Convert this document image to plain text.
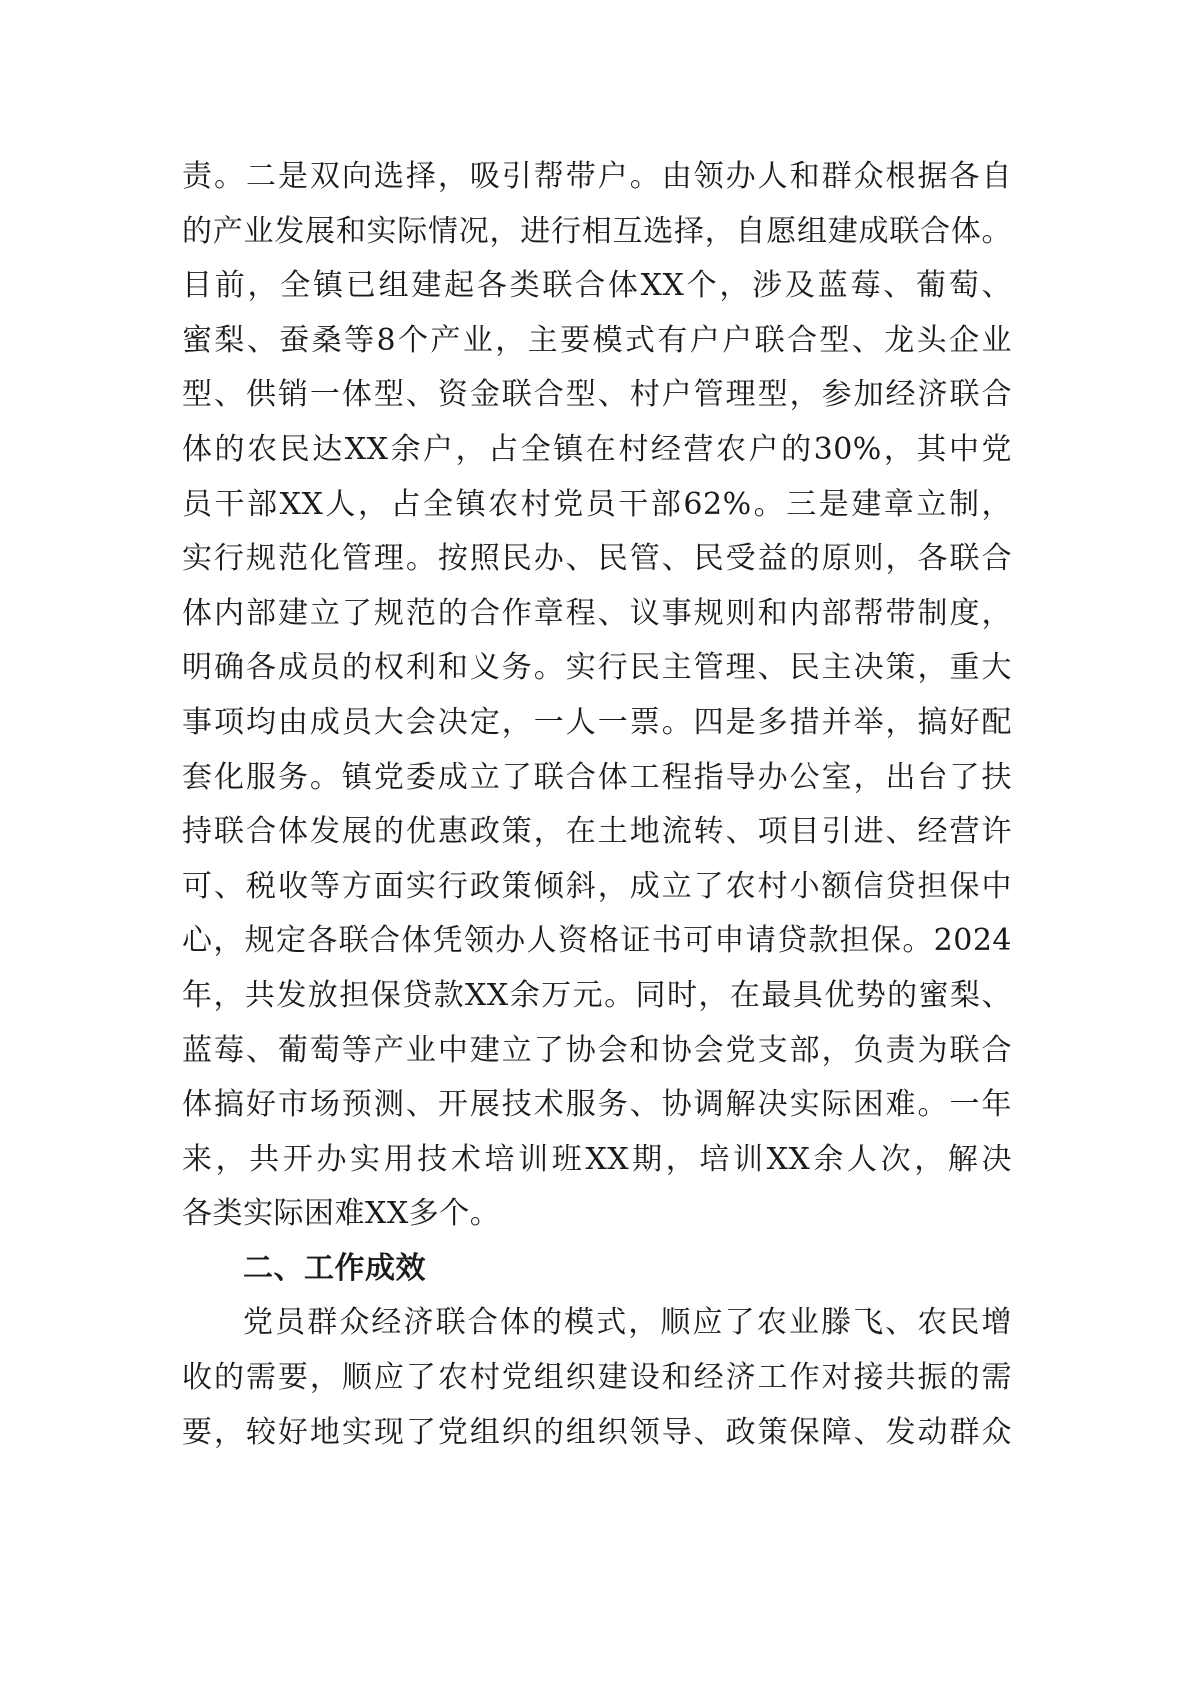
责。二是双向选择，吸引帮带户。由领办人和群众根据各自
的产业发展和实际情况，进行相互选择，自愿组建成联合体。
目前，全镇已组建起各类联合体XX个，涉及蓝莓、葡萄、
蜜梨、蚕桑等8个产业，主要模式有户户联合型、龙头企业
型、供销一体型、资金联合型、村户管理型，参加经济联合
体的农民达XX余户，占全镇在村经营农户的30%，其中党
员干部XX人，占全镇农村党员干部62%。三是建章立制，
实行规范化管理。按照民办、民管、民受益的原则，各联合
体内部建立了规范的合作章程、议事规则和内部帮带制度，
明确各成员的权利和义务。实行民主管理、民主决策，重大
事项均由成员大会决定，一人一票。四是多措并举，搞好配
套化服务。镇党委成立了联合体工程指导办公室，出台了扶
持联合体发展的优惠政策，在土地流转、项目引进、经营许
可、税收等方面实行政策倾斜，成立了农村小额信贷担保中
心，规定各联合体凭领办人资格证书可申请贷款担保。2024
年，共发放担保贷款XX余万元。同时，在最具优势的蜜梨、
蓝莓、葡萄等产业中建立了协会和协会党支部，负责为联合
体搞好市场预测、开展技术服务、协调解决实际困难。一年
来，共开办实用技术培训班XX期，培训XX余人次，解决
各类实际困难XX多个。
二、工作成效
党员群众经济联合体的模式，顺应了农业滕飞、农民增
收的需要，顺应了农村党组织建设和经济工作对接共振的需
要，较好地实现了党组织的组织领导、政策保障、发动群众
